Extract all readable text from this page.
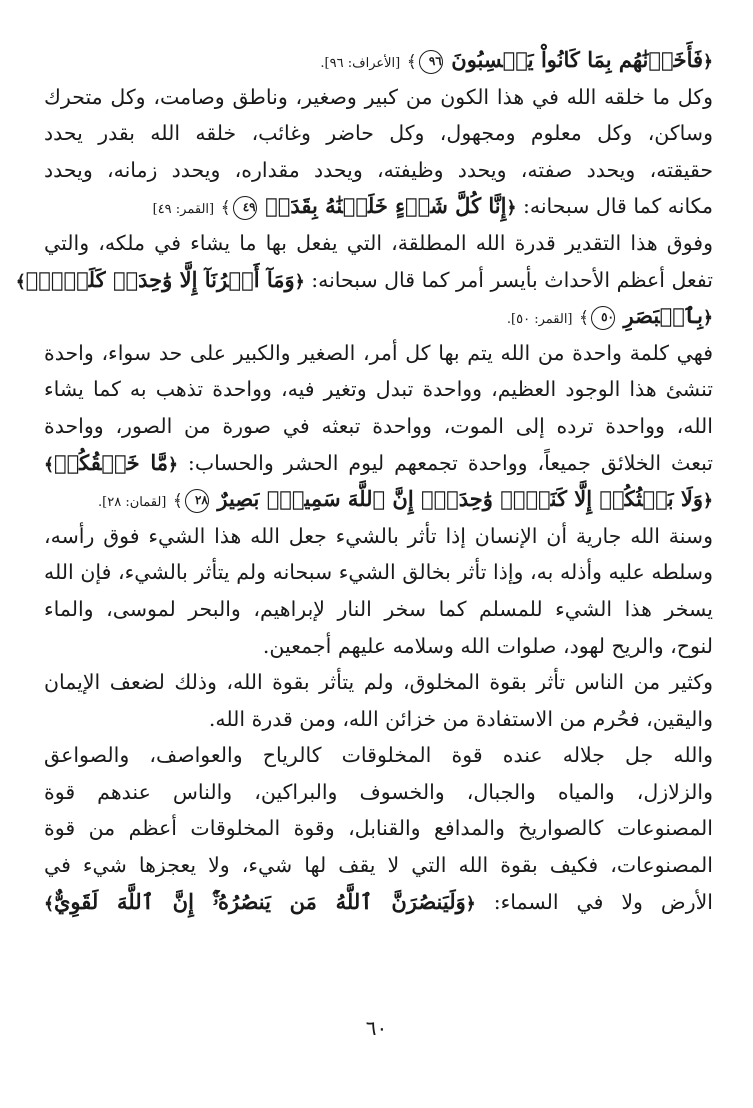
﴿فَأَخَذۡنَٰهُم بِمَا كَانُواْ يَكۡسِبُونَ ٩٦﴾ [الأعراف: ٩٦].
وكل ما خلقه الله في هذا الكون من كبير وصغير، وناطق وصامت، وكل متحرك
وساكن، وكل معلوم ومجهول، وكل حاضر وغائب، خلقه الله بقدر يحدد
حقيقته، ويحدد صفته، ويحدد وظيفته، ويحدد مقداره، ويحدد زمانه، ويحدد
مكانه كما قال سبحانه: ﴿إِنَّا كُلَّ شَيۡءٍ خَلَقۡنَٰهُ بِقَدَرٖ ٤٩﴾ [القمر: ٤٩]
وفوق هذا التقدير قدرة الله المطلقة، التي يفعل بها ما يشاء في ملكه، والتي
تفعل أعظم الأحداث بأيسر أمر كما قال سبحانه: ﴿وَمَآ أَمۡرُنَآ إِلَّا وَٰحِدَةٞ كَلَمۡحِۭ﴾
﴿بِٱلۡبَصَرِ ٥٠﴾ [القمر: ٥٠].
فهي كلمة واحدة من الله يتم بها كل أمر، الصغير والكبير على حد سواء، واحدة
تنشئ هذا الوجود العظيم، وواحدة تبدل وتغير فيه، وواحدة تذهب به كما يشاء
الله، وواحدة ترده إلى الموت، وواحدة تبعثه في صورة من الصور، وواحدة
تبعث الخلائق جميعاً، وواحدة تجمعهم ليوم الحشر والحساب: ﴿مَّا خَلۡقُكُمۡ﴾
﴿وَلَا بَعۡثُكُمۡ إِلَّا كَنَفۡسٖ وَٰحِدَةٍۚ إِنَّ ٱللَّهَ سَمِيعُۢ بَصِيرٌ ٢٨﴾ [لقمان: ٢٨].
وسنة الله جارية أن الإنسان إذا تأثر بالشيء جعل الله هذا الشيء فوق رأسه،
وسلطه عليه وأذله به، وإذا تأثر بخالق الشيء سبحانه ولم يتأثر بالشيء، فإن الله
يسخر هذا الشيء للمسلم كما سخر النار لإبراهيم، والبحر لموسى، والماء
لنوح، والريح لهود، صلوات الله وسلامه عليهم أجمعين.
وكثير من الناس تأثر بقوة المخلوق، ولم يتأثر بقوة الله، وذلك لضعف الإيمان
واليقين، فحُرم من الاستفادة من خزائن الله، ومن قدرة الله.
والله جل جلاله عنده قوة المخلوقات كالرياح والعواصف، والصواعق
والزلازل، والمياه والجبال، والخسوف والبراكين، والناس عندهم قوة
المصنوعات كالصواريخ والمدافع والقنابل، وقوة المخلوقات أعظم من قوة
المصنوعات، فكيف بقوة الله التي لا يقف لها شيء، ولا يعجزها شيء في
الأرض ولا في السماء: ﴿وَلَيَنصُرَنَّ ٱللَّهُ مَن يَنصُرُهُۥٓۚ إِنَّ ٱللَّهَ لَقَوِيٌّ﴾
٦٠
